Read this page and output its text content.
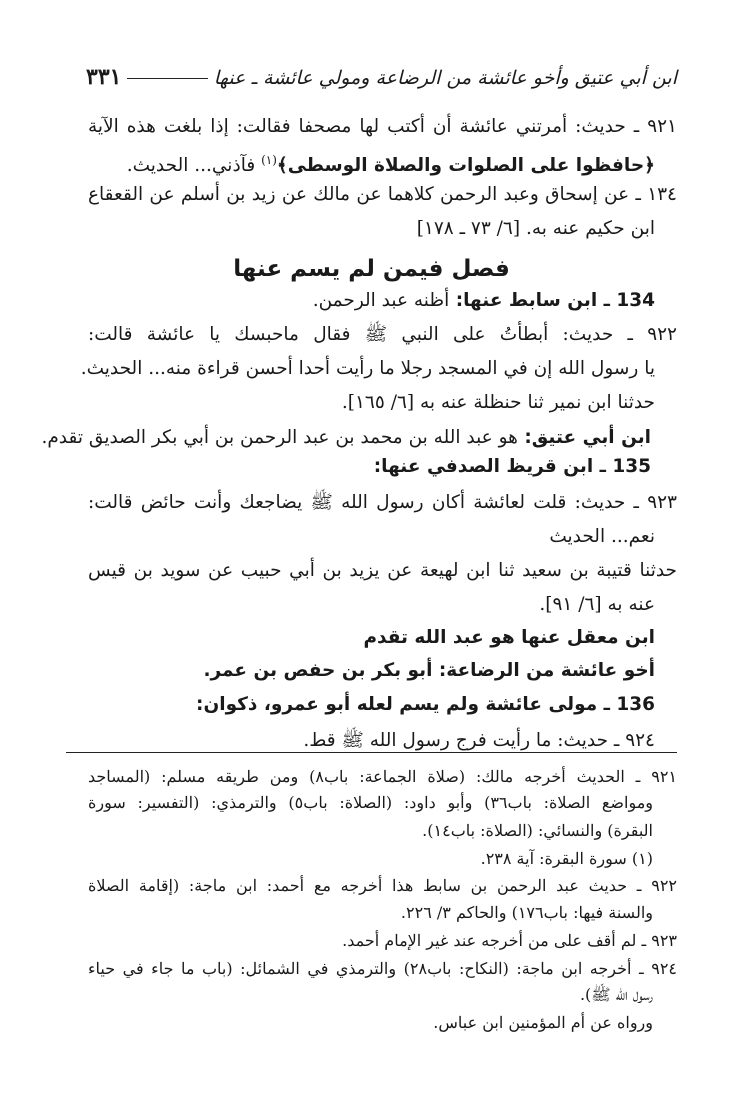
ابن أبي عتيق وأخو عائشة من الرضاعة ومولي عائشة ـ عنها
٣٣١
٩٢١ ـ حديث: أمرتني عائشة أن أكتب لها مصحفا فقالت: إذا بلغت هذه الآية
﴿حافظوا على الصلوات والصلاة الوسطى﴾$^{(١)}$ فآذني... الحديث.
١٣٤ ـ عن إسحاق وعبد الرحمن كلاهما عن مالك عن زيد بن أسلم عن القعقاع
ابن حكيم عنه به. [٦/ ٧٣ ـ ١٧٨]
فصل فيمن لم يسم عنها
134 ـ ابن سابط عنها: أظنه عبد الرحمن.
٩٢٢ ـ حديث: أبطأتُ على النبي ﷺ فقال ماحبسك يا عائشة قالت:
يا رسول الله إن في المسجد رجلا ما رأيت أحدا أحسن قراءة منه... الحديث.
حدثنا ابن نمير ثنا حنظلة عنه به [٦/ ١٦٥].
ابن أبي عتيق: هو عبد الله بن محمد بن عبد الرحمن بن أبي بكر الصديق تقدم.
135 ـ ابن قريظ الصدفي عنها:
٩٢٣ ـ حديث: قلت لعائشة أكان رسول الله ﷺ يضاجعك وأنت حائض قالت:
نعم... الحديث
حدثنا قتيبة بن سعيد ثنا ابن لهيعة عن يزيد بن أبي حبيب عن سويد بن قيس
عنه به [٦/ ٩١].
ابن معقل عنها هو عبد الله تقدم
أخو عائشة من الرضاعة: أبو بكر بن حفص بن عمر.
136 ـ مولى عائشة ولم يسم لعله أبو عمرو، ذكوان:
٩٢٤ ـ حديث: ما رأيت فرج رسول الله ﷺ قط.
٩٢١ ـ الحديث أخرجه مالك: (صلاة الجماعة: باب٨) ومن طريقه مسلم: (المساجد
ومواضع الصلاة: باب٣٦) وأبو داود: (الصلاة: باب٥) والترمذي: (التفسير: سورة
البقرة) والنسائي: (الصلاة: باب١٤).
(١) سورة البقرة: آية ٢٣٨.
٩٢٢ ـ حديث عبد الرحمن بن سابط هذا أخرجه مع أحمد: ابن ماجة: (إقامة الصلاة
والسنة فيها: باب١٧٦) والحاكم ٣/ ٢٢٦.
٩٢٣ ـ لم أقف على من أخرجه عند غير الإمام أحمد.
٩٢٤ ـ أخرجه ابن ماجة: (النكاح: باب٢٨) والترمذي في الشمائل: (باب ما جاء في حياء
رسول الله ﷺ).
ورواه عن أم المؤمنين ابن عباس.
